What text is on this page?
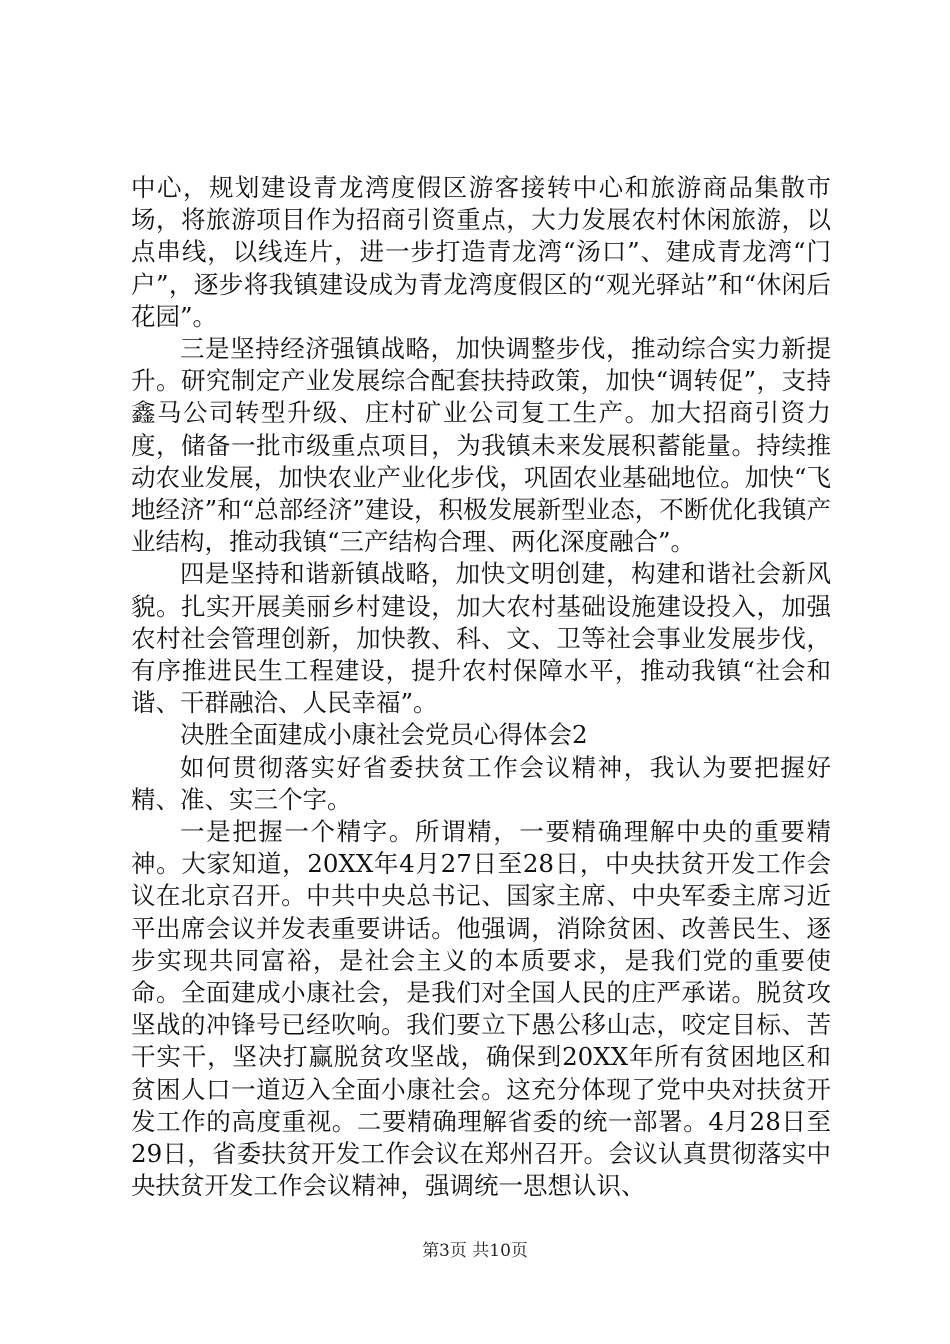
中心，规划建设青龙湾度假区游客接转中心和旅游商品集散市场，将旅游项目作为招商引资重点，大力发展农村休闲旅游，以点串线，以线连片，进一步打造青龙湾“汤口”、建成青龙湾“门户”，逐步将我镇建设成为青龙湾度假区的“观光驿站”和“休闲后花园”。

三是坚持经济强镇战略，加快调整步伐，推动综合实力新提升。研究制定产业发展综合配套扶持政策，加快“调转促”，支持鑫马公司转型升级、庄村矿业公司复工生产。加大招商引资力度，储备一批市级重点项目，为我镇未来发展积蓄能量。持续推动农业发展，加快农业产业化步伐，巩固农业基础地位。加快“飞地经济”和“总部经济”建设，积极发展新型业态，不断优化我镇产业结构，推动我镇“三产结构合理、两化深度融合”。

四是坚持和谐新镇战略，加快文明创建，构建和谐社会新风貌。扎实开展美丽乡村建设，加大农村基础设施建设投入，加强农村社会管理创新，加快教、科、文、卫等社会事业发展步伐，有序推进民生工程建设，提升农村保障水平，推动我镇“社会和谐、干群融洽、人民幸福”。

决胜全面建成小康社会党员心得体会2

如何贯彻落实好省委扶贫工作会议精神，我认为要把握好精、准、实三个字。

一是把握一个精字。所谓精，一要精确理解中央的重要精神。大家知道，20XX年4月27日至28日，中央扶贫开发工作会议在北京召开。中共中央总书记、国家主席、中央军委主席习近平出席会议并发表重要讲话。他强调，消除贫困、改善民生、逐步实现共同富裕，是社会主义的本质要求，是我们党的重要使命。全面建成小康社会，是我们对全国人民的庄严承诺。脱贫攻坚战的冲锋号已经吹响。我们要立下愚公移山志，咬定目标、苦干实干，坚决打赢脱贫攻坚战，确保到20XX年所有贫困地区和贫困人口一道迈入全面小康社会。这充分体现了党中央对扶贫开发工作的高度重视。二要精确理解省委的统一部署。4月28日至29日，省委扶贫开发工作会议在郑州召开。会议认真贯彻落实中央扶贫开发工作会议精神，强调统一思想认识、

第3页 共10页
